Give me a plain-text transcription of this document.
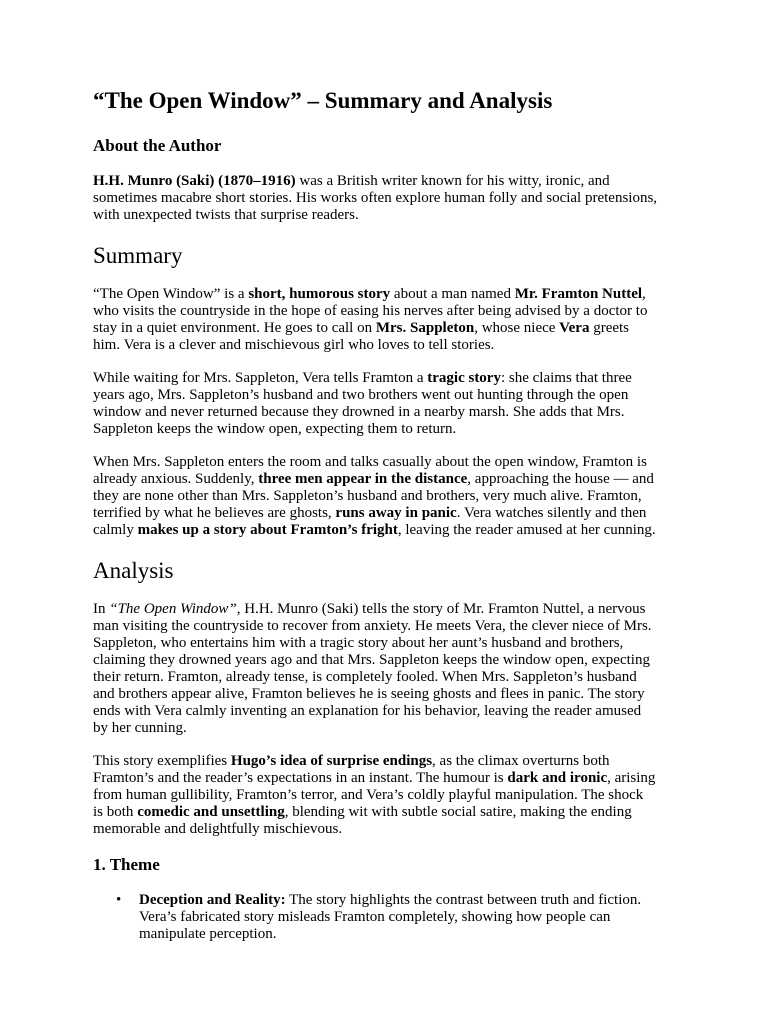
“The Open Window” – Summary and Analysis
About the Author

H.H. Munro (Saki) (1870–1916) was a British writer known for his witty, ironic, and
sometimes macabre short stories. His works often explore human folly and social pretensions,
with unexpected twists that surprise readers.

Summary

“The Open Window” is a short, humorous story about a man named Mr. Framton Nuttel,
who visits the countryside in the hope of easing his nerves after being advised by a doctor to
stay in a quiet environment. He goes to call on Mrs. Sappleton, whose niece Vera greets
him. Vera is a clever and mischievous girl who loves to tell stories.

While waiting for Mrs. Sappleton, Vera tells Framton a tragic story: she claims that three
years ago, Mrs. Sappleton’s husband and two brothers went out hunting through the open
window and never returned because they drowned in a nearby marsh. She adds that Mrs.
Sappleton keeps the window open, expecting them to return.

When Mrs. Sappleton enters the room and talks casually about the open window, Framton is
already anxious. Suddenly, three men appear in the distance, approaching the house — and
they are none other than Mrs. Sappleton’s husband and brothers, very much alive. Framton,
terrified by what he believes are ghosts, runs away in panic. Vera watches silently and then
calmly makes up a story about Framton’s fright, leaving the reader amused at her cunning.

Analysis

In “The Open Window”, H.H. Munro (Saki) tells the story of Mr. Framton Nuttel, a nervous
man visiting the countryside to recover from anxiety. He meets Vera, the clever niece of Mrs.
Sappleton, who entertains him with a tragic story about her aunt’s husband and brothers,
claiming they drowned years ago and that Mrs. Sappleton keeps the window open, expecting
their return. Framton, already tense, is completely fooled. When Mrs. Sappleton’s husband
and brothers appear alive, Framton believes he is seeing ghosts and flees in panic. The story
ends with Vera calmly inventing an explanation for his behavior, leaving the reader amused
by her cunning.

This story exemplifies Hugo’s idea of surprise endings, as the climax overturns both
Framton’s and the reader’s expectations in an instant. The humour is dark and ironic, arising
from human gullibility, Framton’s terror, and Vera’s coldly playful manipulation. The shock
is both comedic and unsettling, blending wit with subtle social satire, making the ending
memorable and delightfully mischievous.

1. Theme
• Deception and Reality: The story highlights the contrast between truth and fiction.
Vera’s fabricated story misleads Framton completely, showing how people can
manipulate perception.
